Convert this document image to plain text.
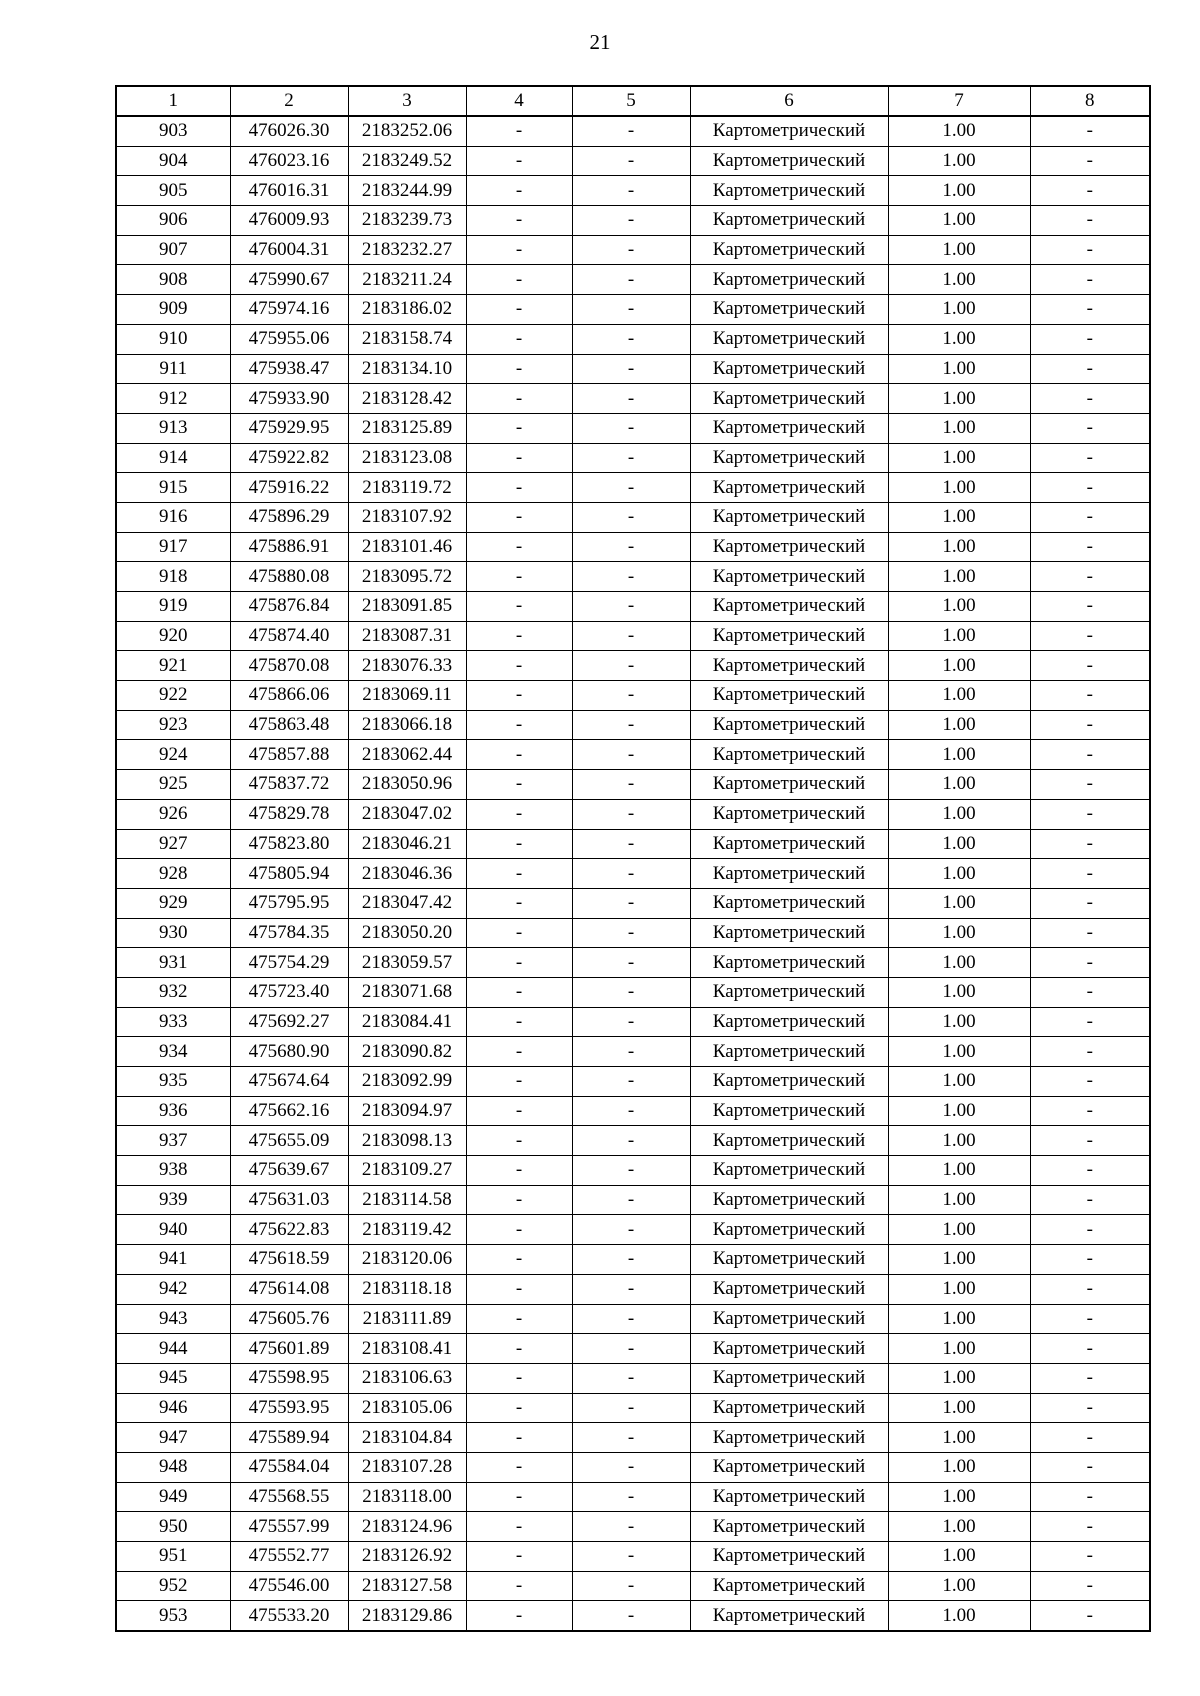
21
1	2	3	4	5	6	7	8
903	476026.30	2183252.06	-	-	Картометрический	1.00	-
904	476023.16	2183249.52	-	-	Картометрический	1.00	-
905	476016.31	2183244.99	-	-	Картометрический	1.00	-
906	476009.93	2183239.73	-	-	Картометрический	1.00	-
907	476004.31	2183232.27	-	-	Картометрический	1.00	-
908	475990.67	2183211.24	-	-	Картометрический	1.00	-
909	475974.16	2183186.02	-	-	Картометрический	1.00	-
910	475955.06	2183158.74	-	-	Картометрический	1.00	-
911	475938.47	2183134.10	-	-	Картометрический	1.00	-
912	475933.90	2183128.42	-	-	Картометрический	1.00	-
913	475929.95	2183125.89	-	-	Картометрический	1.00	-
914	475922.82	2183123.08	-	-	Картометрический	1.00	-
915	475916.22	2183119.72	-	-	Картометрический	1.00	-
916	475896.29	2183107.92	-	-	Картометрический	1.00	-
917	475886.91	2183101.46	-	-	Картометрический	1.00	-
918	475880.08	2183095.72	-	-	Картометрический	1.00	-
919	475876.84	2183091.85	-	-	Картометрический	1.00	-
920	475874.40	2183087.31	-	-	Картометрический	1.00	-
921	475870.08	2183076.33	-	-	Картометрический	1.00	-
922	475866.06	2183069.11	-	-	Картометрический	1.00	-
923	475863.48	2183066.18	-	-	Картометрический	1.00	-
924	475857.88	2183062.44	-	-	Картометрический	1.00	-
925	475837.72	2183050.96	-	-	Картометрический	1.00	-
926	475829.78	2183047.02	-	-	Картометрический	1.00	-
927	475823.80	2183046.21	-	-	Картометрический	1.00	-
928	475805.94	2183046.36	-	-	Картометрический	1.00	-
929	475795.95	2183047.42	-	-	Картометрический	1.00	-
930	475784.35	2183050.20	-	-	Картометрический	1.00	-
931	475754.29	2183059.57	-	-	Картометрический	1.00	-
932	475723.40	2183071.68	-	-	Картометрический	1.00	-
933	475692.27	2183084.41	-	-	Картометрический	1.00	-
934	475680.90	2183090.82	-	-	Картометрический	1.00	-
935	475674.64	2183092.99	-	-	Картометрический	1.00	-
936	475662.16	2183094.97	-	-	Картометрический	1.00	-
937	475655.09	2183098.13	-	-	Картометрический	1.00	-
938	475639.67	2183109.27	-	-	Картометрический	1.00	-
939	475631.03	2183114.58	-	-	Картометрический	1.00	-
940	475622.83	2183119.42	-	-	Картометрический	1.00	-
941	475618.59	2183120.06	-	-	Картометрический	1.00	-
942	475614.08	2183118.18	-	-	Картометрический	1.00	-
943	475605.76	2183111.89	-	-	Картометрический	1.00	-
944	475601.89	2183108.41	-	-	Картометрический	1.00	-
945	475598.95	2183106.63	-	-	Картометрический	1.00	-
946	475593.95	2183105.06	-	-	Картометрический	1.00	-
947	475589.94	2183104.84	-	-	Картометрический	1.00	-
948	475584.04	2183107.28	-	-	Картометрический	1.00	-
949	475568.55	2183118.00	-	-	Картометрический	1.00	-
950	475557.99	2183124.96	-	-	Картометрический	1.00	-
951	475552.77	2183126.92	-	-	Картометрический	1.00	-
952	475546.00	2183127.58	-	-	Картометрический	1.00	-
953	475533.20	2183129.86	-	-	Картометрический	1.00	-
